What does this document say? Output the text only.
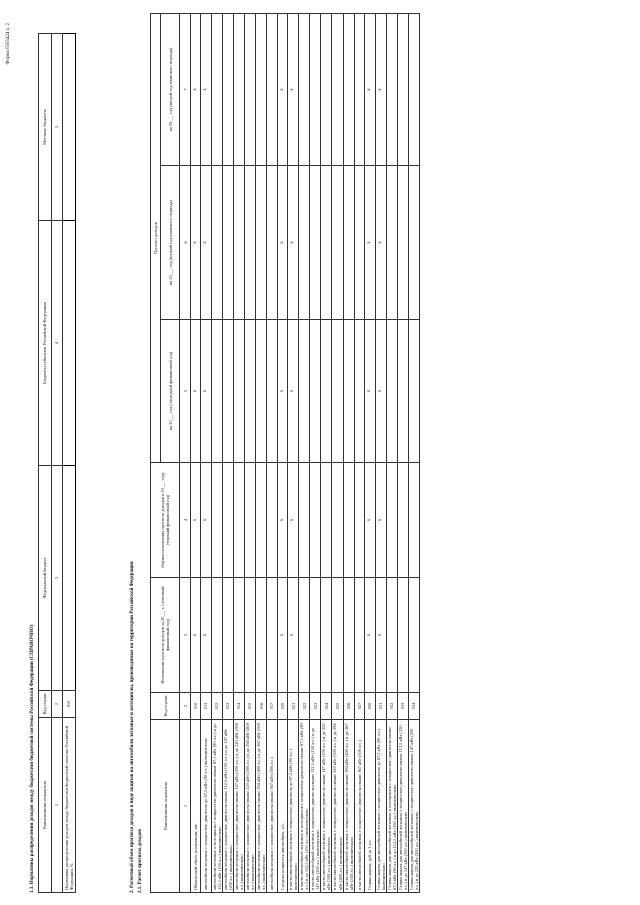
Форма 0505424 с. 2
1.3. Нормативы распределения доходов между бюджетами бюджетной системы Российской Федерации (СПРАВОЧНО) Наименование показателя	Код строки	Федеральный бюджет	Бюджеты субъектов Российской Федерации	Местные бюджеты
1	2	3	4	5
Нормативы распределения доходов между бюджетами бюджетной системы Российской Федерации, %	010				2. Расчетный объем прогноза доходов в виде акцизов на автомобили легковые и мотоциклы, производимые на территории Российской Федерации 2.1. Расчет прогноза доходов
Наименование показателя	Код строки	Исполнение прогноза доходов за 20___ г. (отчетный финансовый год)	Оценка исполнения прогноза доходов в 20___ году (текущий финансовый год)	Прогноз доходов		
				на 20___ год (очередной финансовый год)	на 20___ год (первый год планового периода)	на 20___ год (второй год планового периода)
1	2	3	4	5	6	7
Облагаемый объем реализации, шт.	010	x	x	x	x	x
автомобили легковые с мощностью двигателя до 67,5 кВт (90 л.с.) включительно	011	x	x	x	x	x
автомобили легковые и мотоциклы с мощностью двигателя свыше 67,5 кВт (90 л.с.) и до 112,5 кВт (150 л.с.) включительно	012					
автомобили легковые с мощностью двигателя свыше 112,5 кВт (150 л.с.) и до 147 кВт (200 л.с.) включительно	013					
автомобили легковые с мощностью двигателя свыше 147 кВт (200 л.с.) и до 220 кВт (300 л.с.) включительно	014					
автомобили легковые с мощностью двигателя свыше 220 кВт (300 л.с.) и до 294 кВт (400 л.с.) включительно	015					
автомобили легковые с мощностью двигателя свыше 294 кВт (400 л.с.) и до 367 кВт (500 л.с.) включительно	016					
автомобили легковые с мощностью двигателя свыше 367 кВт (500 л.с.)	017					
Средняя мощность автомобиля, л.с.	020	x	x	x	x	x
в части автомобилей легковых с мощностью двигателя до 67,5 кВт (90 л.с.) включительно	021	x	x	x	x	x
в части автомобилей легковых и мотоциклов с мощностью двигателя свыше 67,5 кВт (90 л.с.) и до 112,5 кВт (150 л.с.) включительно	022					
в части автомобилей легковых с мощностью двигателя свыше 112,5 кВт (150 л.с.) и до 147 кВт (200 л.с.) включительно	023					
в части автомобилей легковых с мощностью двигателя свыше 147 кВт (200 л.с.) и до 220 кВт (300 л.с.) включительно	024					
в части автомобилей легковых с мощностью двигателя свыше 220 кВт (300 л.с.) и до 294 кВт (400 л.с.) включительно	025					
в части автомобилей легковых с мощностью двигателя свыше 294 кВт (400 л.с.) и до 367 кВт (500 л.с.) включительно	026					
в части автомобилей легковых с мощностью двигателя свыше 367 кВт (500 л.с.)	027					
Ставка акциза, руб за 1 л.с.	030	x	x	x	x	x
Ставка акциза для автомобилей легковых с мощностью двигателя до 67,5 кВт (90 л.с.) включительно	031	x	x	x	x	x
Ставка акциза для автомобилей легковых и мотоциклов с мощностью двигателя свыше 67,5 кВт (90 л.с.) и до 112,5 кВт (150 л.с.) включительно	032					
Ставка акциза для автомобилей легковых с мощностью двигателя свыше 112,5 кВт (150 л.с.) и до 147 кВт (200 л.с.) включительно	033					
Ставка акциза для автомобилей легковых с мощностью двигателя свыше 147 кВт (200 л.с.) и до 220 кВт (300 л.с.) включительно	034					
